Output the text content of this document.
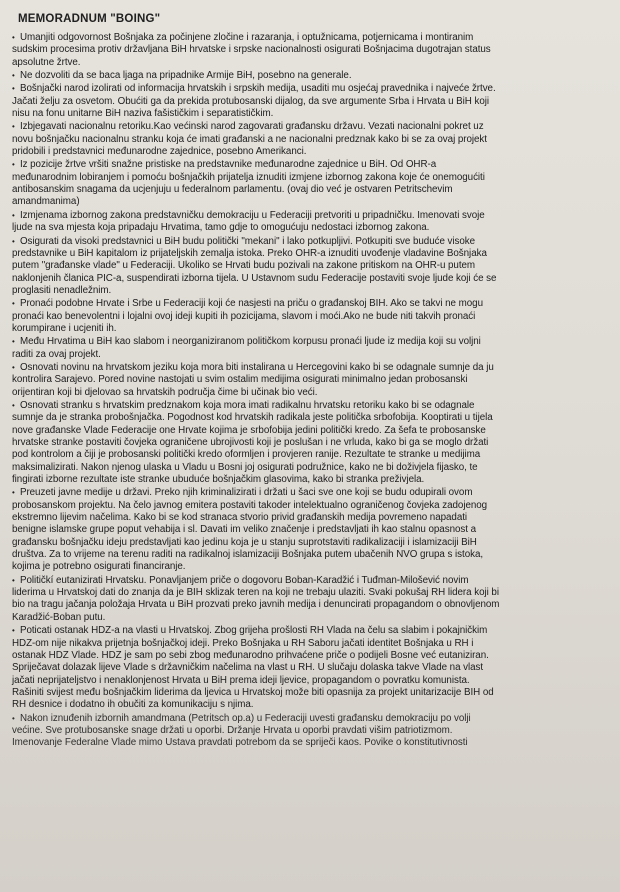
MEMORADNUM "BOING"
• Umanjiti odgovornost Bošnjaka za počinjene zločine i razaranja, i optužnicama, potjernicama i montiranim
sudskim procesima protiv državljana BiH hrvatske i srpske nacionalnosti osigurati Bošnjacima dugotrajan status
apsolutne žrtve.
• Ne dozvoliti da se baca ljaga na pripadnike Armije BiH, posebno na generale.
• Bošnjački narod izolirati od informacija hrvatskih i srpskih medija, usaditi mu osjećaj pravednika i najveće žrtve.
Jačati želju za osvetom. Obućiti ga da prekida protubosanski dijalog, da sve argumente Srba i Hrvata u BiH koji
nisu na fonu unitarne BiH naziva fašističkim i separatističkim.
• Izbjegavati nacionalnu retoriku.Kao većinski narod zagovarati građansku državu. Vezati nacionalni pokret uz
novu bošnjačku nacionalnu stranku koja će imati građanski a ne nacionalni predznak kako bi se za ovaj projekt
pridobili i predstavnici međunarodne zajednice, posebno Amerikanci.
• Iz pozicije žrtve vršiti snažne pristiske na predstavnike međunarodne zajednice u BiH. Od OHR-a
međunarodnim lobiranjem i pomoću bošnjačkih prijatelja iznuditi izmjene izbornog zakona koje će onemogućiti
antibosanskim snagama da ucjenjuju u federalnom parlamentu. (ovaj dio već je ostvaren Petritschevim
amandmanima)
• Izmjenama izbornog zakona predstavničku demokraciju u Federaciji pretvoriti u pripadničku. Imenovati svoje
ljude na sva mjesta koja pripadaju Hrvatima, tamo gdje to omogućuju nedostaci izbornog zakona.
• Osigurati da visoki predstavnici u BiH budu politički "mekani" i lako potkupljivi. Potkupiti sve buduće visoke
predstavnike u BiH kapitalom iz prijateljskih zemalja istoka. Preko OHR-a iznuditi uvođenje vladavine Bošnjaka
putem "građanske vlade" u Federaciji. Ukoliko se Hrvati budu pozivali na zakone pritiskom na OHR-u putem
naklonjenih članica PIC-a, suspendirati izborna tijela. U Ustavnom sudu Federacije postaviti svoje ljude koji će se
proglasiti nenadležnim.
• Pronaći podobne Hrvate i Srbe u Federaciji koji će nasjesti na priču o građanskoj BIH. Ako se takvi ne mogu
pronaći kao benevolentni i lojalni ovoj ideji kupiti ih pozicijama, slavom i moći.Ako ne bude niti takvih pronaći
korumpirane i ucjeniti ih.
• Među Hrvatima u BiH kao slabom i neorganiziranom političkom korpusu pronaći ljude iz medija koji su voljni
raditi za ovaj projekt.
• Osnovati novinu na hrvatskom jeziku koja mora biti instalirana u Hercegovini kako bi se odagnale sumnje da ju
kontrolira Sarajevo. Pored novine nastojati u svim ostalim medijima osigurati minimalno jedan probosanski
orijentiran koji bi djelovao sa hrvatskih područja čime bi učinak bio veći.
• Osnovati stranku s hrvatskim predznakom koja mora imati radikalnu hrvatsku retoriku kako bi se odagnale
sumnje da je stranka probošnjačka. Pogodnost kod hrvatskih radikala jeste politička srbofobija. Kooptirati u tijela
nove građanske Vlade Federacije one Hrvate kojima je srbofobija jedini politički kredo. Za šefa te probosanske
hrvatske stranke postaviti čovjeka ograničene ubrojivosti koji je poslušan i ne vrluda, kako bi ga se moglo držati
pod kontrolom a čiji je probosanski politički kredo oformljen i provjeren ranije. Rezultate te stranke u medijima
maksimalizirati. Nakon njenog ulaska u Vladu u Bosni joj osigurati podružnice, kako ne bi doživjela fijasko, te
fingirati izborne rezultate iste stranke ubuduće bošnjačkim glasovima, kako bi stranka preživjela.
• Preuzeti javne medije u državi. Preko njih kriminalizirati i držati u šaci sve one koji se budu odupirali ovom
probosanskom projektu. Na čelo javnog emitera postaviti takoder intelektualno ograničenog čovjeka zadojenog
ekstremno lijevim načelima. Kako bi se kod stranaca stvorio privid građanskih medija povremeno napadati
benigne islamske grupe poput vehabija i sl. Davati im veliko značenje i predstavljati ih kao stalnu opasnost a
građansku bošnjačku ideju predstavljati kao jedinu koja je u stanju suprotstaviti radikalizaciji i islamizaciji BiH
društva. Za to vrijeme na terenu raditi na radikalnoj islamizaciji Bošnjaka putem ubačenih NVO grupa s istoka,
kojima je potrebno osigurati financiranje.
• Političkí eutanizirati Hrvatsku. Ponavljanjem priče o dogovoru Boban-Karadžić i Tuđman-Milošević novim
liderima u Hrvatskoj dati do znanja da je BIH sklizak teren na koji ne trebaju ulaziti. Svaki pokušaj RH lidera koji bi
bio na tragu jačanja položaja Hrvata u BiH prozvati preko javnih medija i denuncirati propagandom o obnovljenom
Karadžić-Boban putu.
• Poticati ostanak HDZ-a na vlasti u Hrvatskoj. Zbog grijeha prošlosti RH Vlada na čelu sa slabim i pokajničkim
HDZ-om nije nikakva prijetnja bošnjačkoj ideji. Preko Bošnjaka u RH Saboru jačati identitet Bošnjaka u RH i
ostanak HDZ Vlade. HDZ je sam po sebi zbog međunarodno prihvaćene priče o podijeli Bosne već eutaniziran.
Spriječavat dolazak lijeve Vlade s državničkim načelima na vlast u RH. U slučaju dolaska takve Vlade na vlast
jačati neprijateljstvo i nenaklonjenost Hrvata u BiH prema ideji ljevice, propagandom o povratku komunista.
Rašiniti svijest među bošnjačkim liderima da ljevica u Hrvatskoj može biti opasnija za projekt unitarizacije BIH od
RH desnice i dodatno ih obučiti za komunikaciju s njima.
• Nakon iznuđenih izbornih amandmana (Petritsch op.a) u Federaciji uvesti građansku demokraciju po volji
većine. Sve protubosanske snage držati u oporbi. Držanje Hrvata u oporbi pravdati višim patriotizmom.
Imenovanje Federalne Vlade mimo Ustava pravdati potrebom da se spriječi kaos. Povike o konstitutivnosti
